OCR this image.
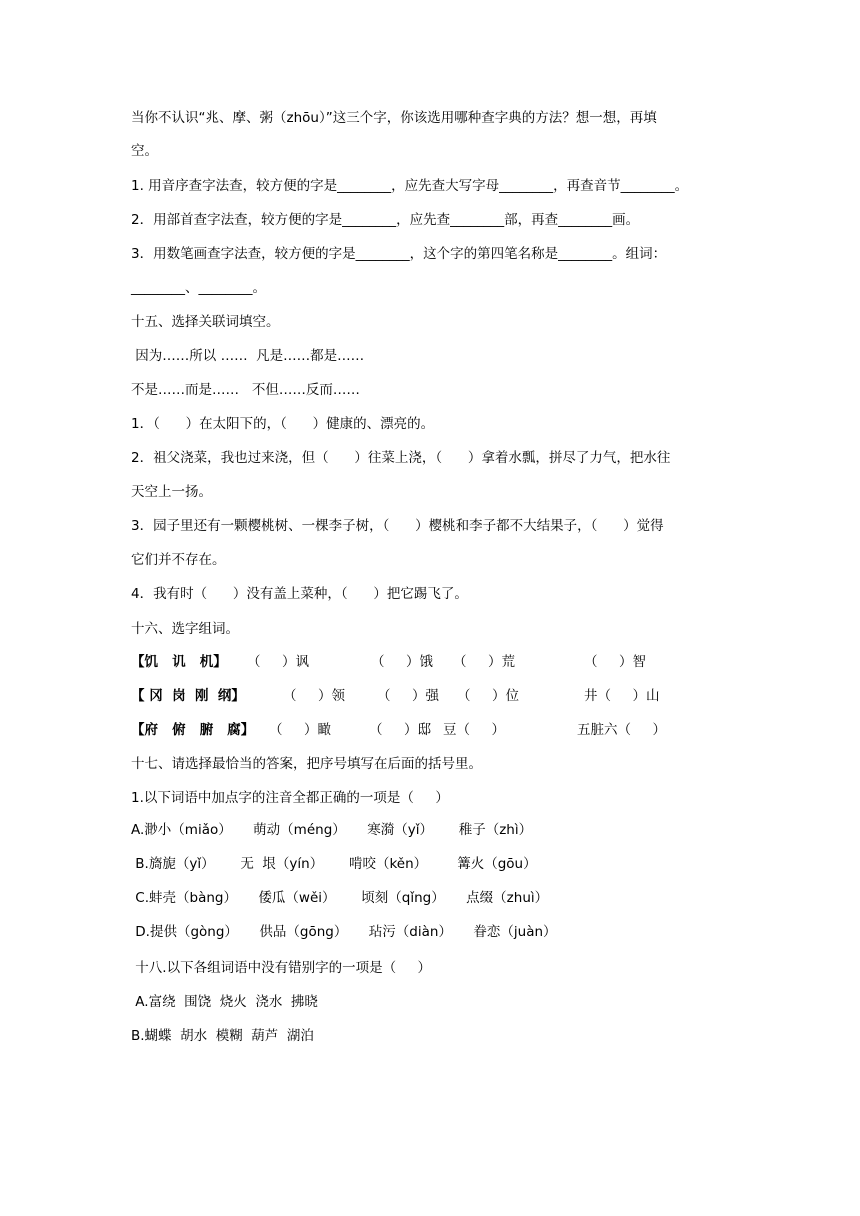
当你不认识“兆、摩、粥（zhōu）”这三个字，你该选用哪种查字典的方法？想一想，再填

空。

1. 用音序查字法查，较方便的字是________，应先查大写字母________，再查音节________。

2．用部首查字法查，较方便的字是________，应先查________部，再查________画。

3．用数笔画查字法查，较方便的字是________，这个字的第四笔名称是________。组词：

________、________。

十五、选择关联词填空。

因为……所以 ……  凡是……都是……

不是……而是……   不但……反而……

1．（      ）在太阳下的，（      ）健康的、漂亮的。

2．祖父浇菜，我也过来浇，但（      ）往菜上浇，（      ）拿着水瓢，拼尽了力气，把水往

天空上一扬。

3．园子里还有一颗樱桃树、一棵李子树，（      ）樱桃和李子都不大结果子，（      ）觉得

它们并不存在。

4．我有时（      ）没有盖上菜种，（      ）把它踢飞了。

十六、选字组词。

【饥   讥   机】 （     ）讽	（     ）饿 （     ）荒	（     ）智
【 冈  岗  刚  纲】	（     ）领 （     ）强 （     ）位	井（     ）山
【府   俯   腑   腐】 （     ）瞰	（     ）邸 豆（     ）	五脏六（     ）

十七、请选择最恰当的答案，把序号填写在后面的括号里。

1.以下词语中加点字的注音全都正确的一项是（     ）

A.渺小（miǎo）     萌动（méng）     寒漪（yǐ）      稚子（zhì）

B.旖旎（yǐ）      无  垠（yín）      啃咬（kěn）       篝火（gōu）

C.蚌壳（bàng）     倭瓜（wěi）      顷刻（qǐng）     点缀（zhuì）

D.提供（gòng）     供品（gōng）     玷污（diàn）     眷恋（juàn）

十八.以下各组词语中没有错别字的一项是（     ）

A.富绕  围饶  烧火  浇水  拂晓

B.蝴蝶  胡水  模糊  葫芦  湖泊
